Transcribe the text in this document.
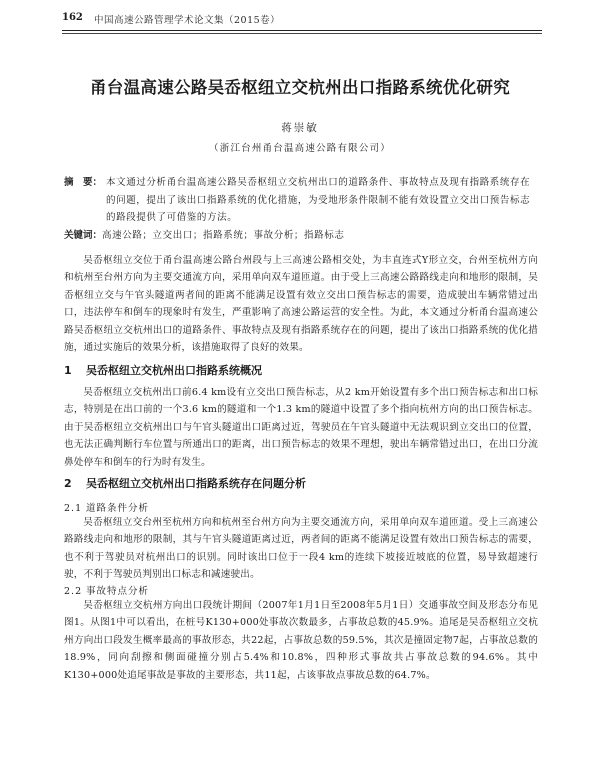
162 中国高速公路管理学术论文集（2015卷）
甬台温高速公路吴岙枢纽立交杭州出口指路系统优化研究
蒋崇敏
（浙江台州甬台温高速公路有限公司）
摘　要： 本文通过分析甬台温高速公路吴岙枢纽立交杭州出口的道路条件、事故特点及现有指路系统存在的问题，提出了该出口指路系统的优化措施，为受地形条件限制不能有效设置立交出口预告标志的路段提供了可借鉴的方法。
关键词：高速公路；立交出口；指路系统；事故分析；指路标志
吴岙枢纽立交位于甬台温高速公路台州段与上三高速公路相交处，为丰直连式Y形立交，台州至杭州方向和杭州至台州方向为主要交通流方向，采用单向双车道匝道。由于受上三高速公路路线走向和地形的限制，吴岙枢纽立交与午官头隧道两者间的距离不能满足设置有效立交出口预告标志的需要，造成驶出车辆常错过出口，违法停车和倒车的现象时有发生，严重影响了高速公路运营的安全性。为此，本文通过分析甬台温高速公路吴岙枢纽立交杭州出口的道路条件、事故特点及现有指路系统存在的问题，提出了该出口指路系统的优化措施，通过实施后的效果分析，该措施取得了良好的效果。
1 吴岙枢纽立交杭州出口指路系统概况
吴岙枢纽立交杭州出口前6.4 km设有立交出口预告标志，从2 km开始设置有多个出口预告标志和出口标志，特别是在出口前的一个3.6 km的隧道和一个1.3 km的隧道中设置了多个指向杭州方向的出口预告标志。由于吴岙枢纽立交杭州出口与午官头隧道出口距离过近，驾驶员在午官头隧道中无法观识到立交出口的位置，也无法正确判断行车位置与所通出口的距离，出口预告标志的效果不理想，驶出车辆常错过出口，在出口分流鼻处停车和倒车的行为时有发生。
2 吴岙枢纽立交杭州出口指路系统存在问题分析
2.1 道路条件分析
吴岙枢纽立交台州至杭州方向和杭州至台州方向为主要交通流方向，采用单向双车道匝道。受上三高速公路路线走向和地形的限制，其与午官头隧道距离过近，两者间的距离不能满足设置有效出口预告标志的需要，也不利于驾驶员对杭州出口的识别。同时该出口位于一段4 km的连续下坡接近坡底的位置，易导致超速行驶，不利于驾驶员判别出口标志和减速驶出。
2.2 事故特点分析
吴岙枢纽立交杭州方向出口段统计期间（2007年1月1日至2008年5月1日）交通事故空间及形态分布见图1。从图1中可以看出，在桩号K130+000处事故次数最多，占事故总数的45.9%。追尾是吴岙枢纽立交杭州方向出口段发生概率最高的事故形态，共22起，占事故总数的59.5%，其次是撞固定物7起，占事故总数的18.9%，同向刮擦和侧面碰撞分别占5.4%和10.8%，四种形式事故共占事故总数的94.6%。其中K130+000处追尾事故是事故的主要形态，共11起，占该事故点事故总数的64.7%。
